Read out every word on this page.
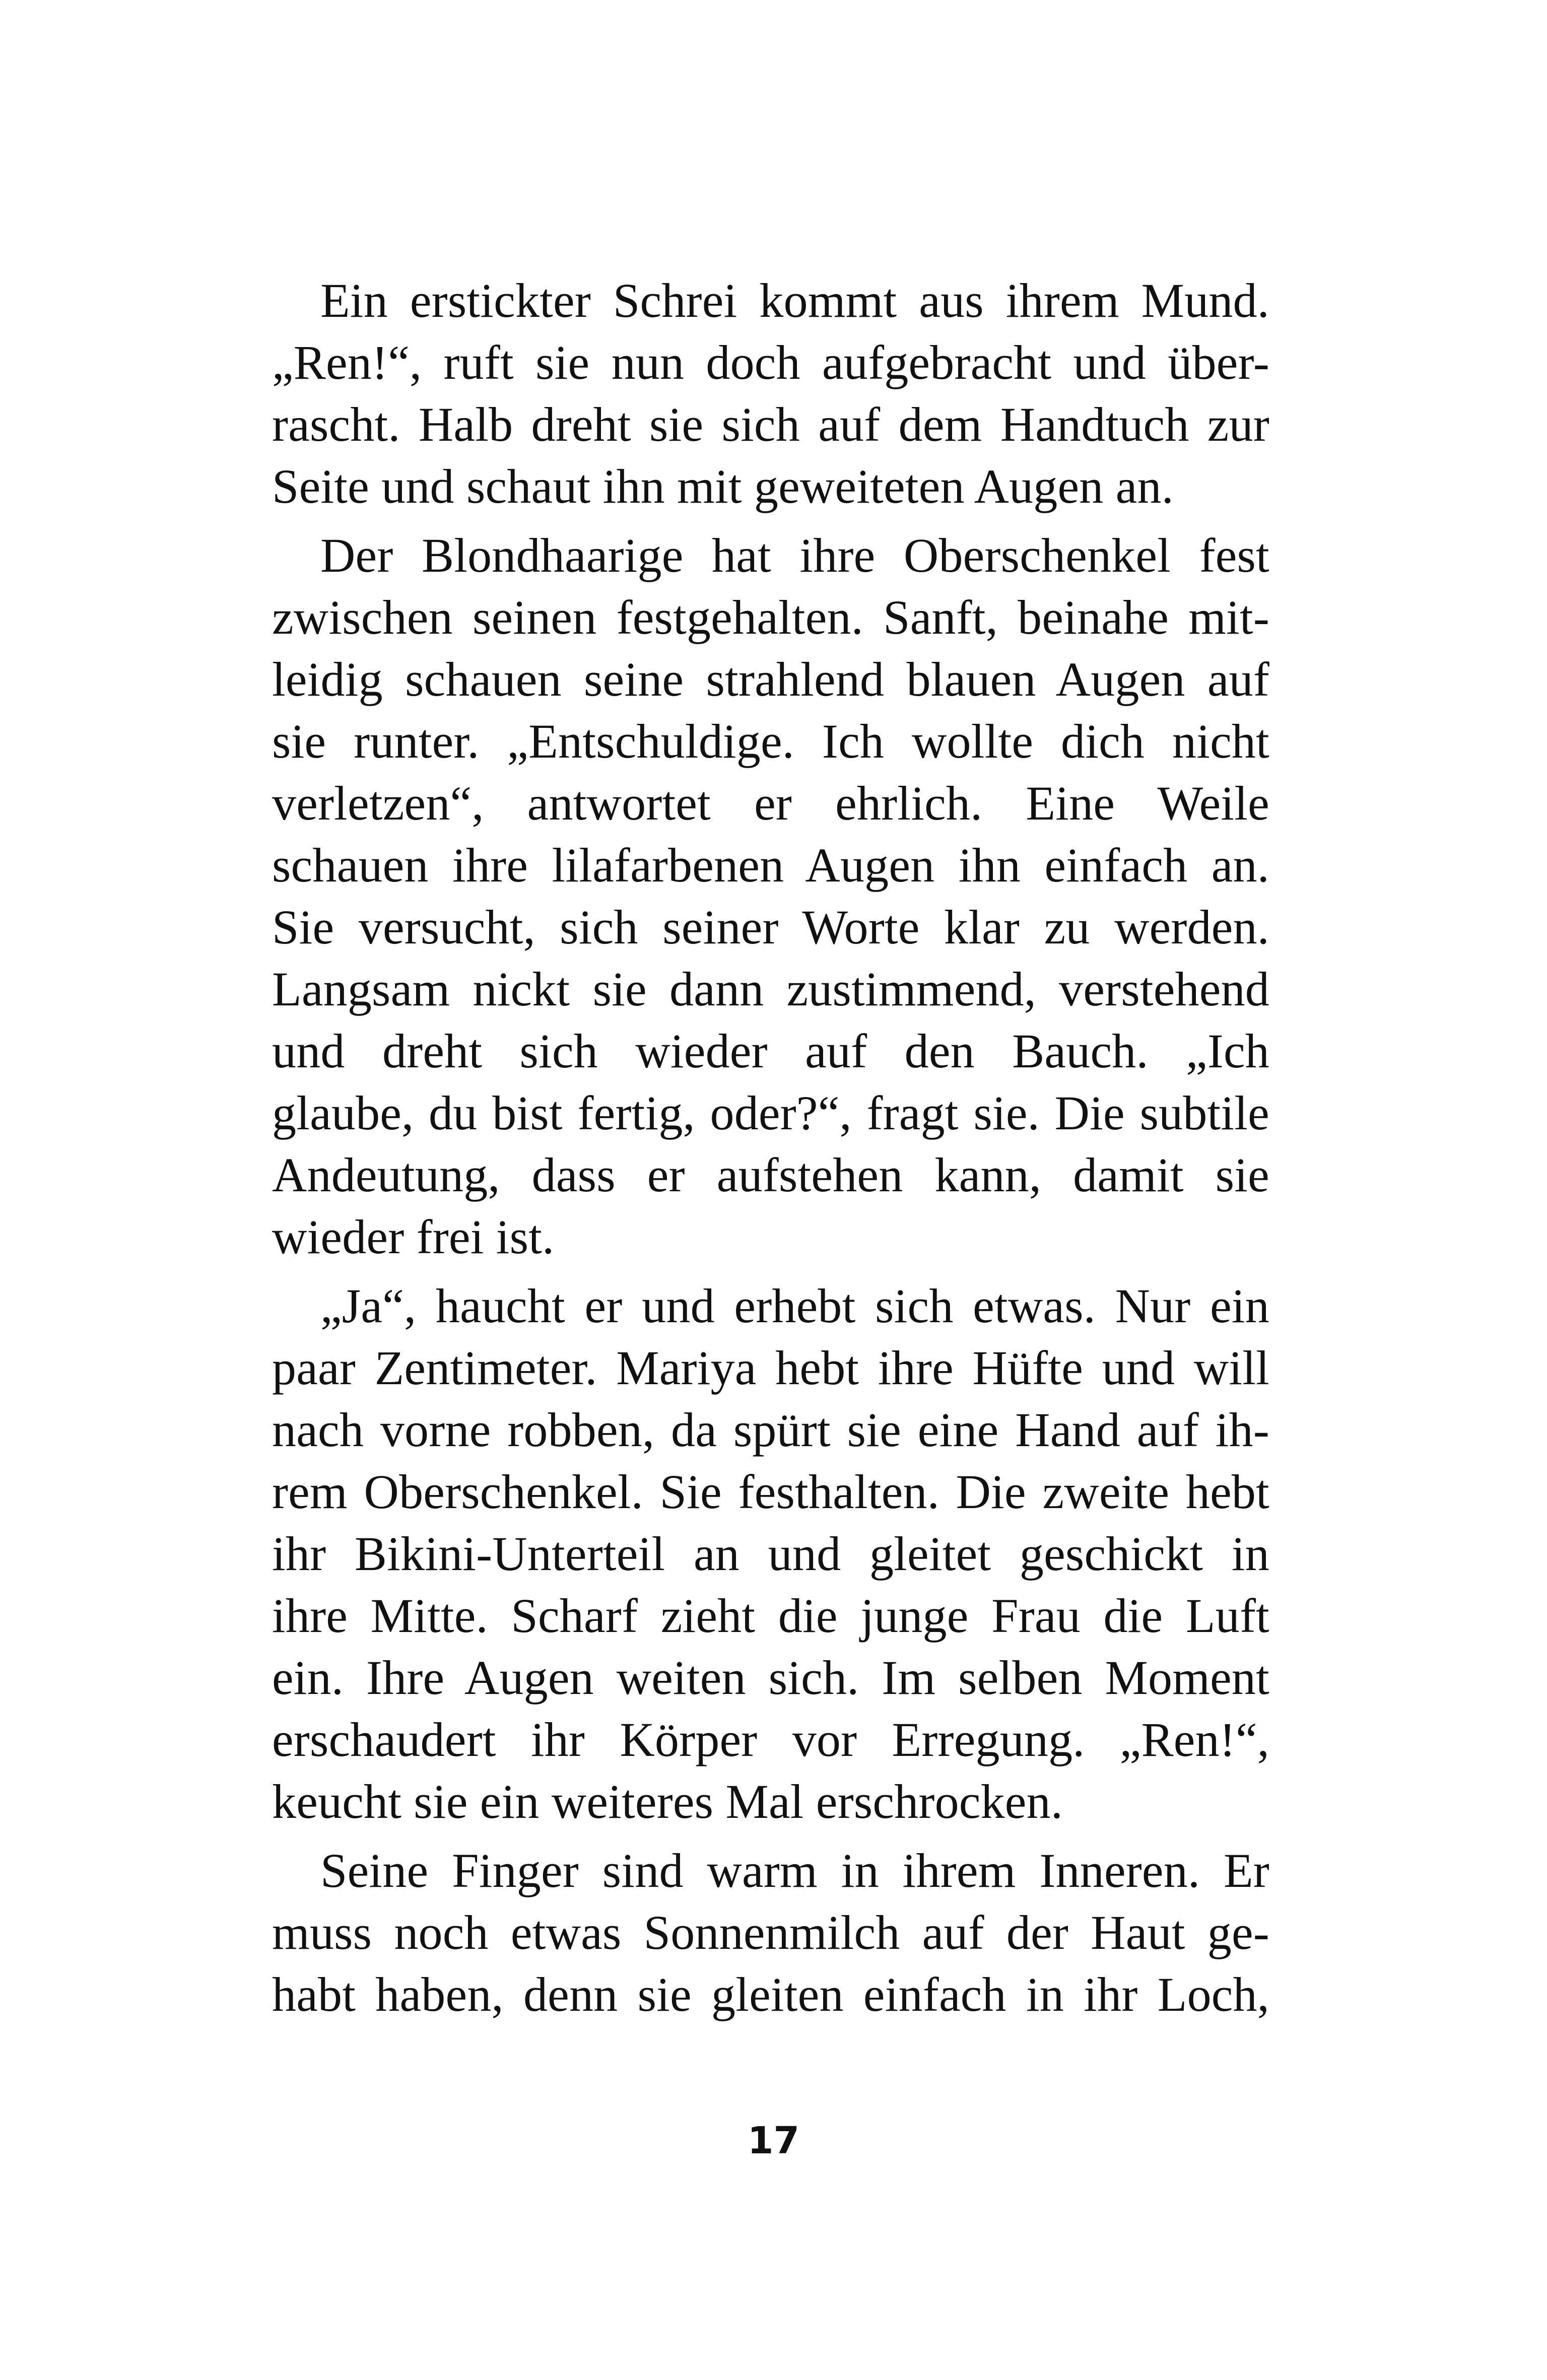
Ein erstickter Schrei kommt aus ihrem Mund.
„Ren!“, ruft sie nun doch aufgebracht und über-
rascht. Halb dreht sie sich auf dem Handtuch zur
Seite und schaut ihn mit geweiteten Augen an.
Der Blondhaarige hat ihre Oberschenkel fest
zwischen seinen festgehalten. Sanft, beinahe mit-
leidig schauen seine strahlend blauen Augen auf
sie runter. „Entschuldige. Ich wollte dich nicht
verletzen“, antwortet er ehrlich. Eine Weile
schauen ihre lilafarbenen Augen ihn einfach an.
Sie versucht, sich seiner Worte klar zu werden.
Langsam nickt sie dann zustimmend, verstehend
und dreht sich wieder auf den Bauch. „Ich
glaube, du bist fertig, oder?“, fragt sie. Die subtile
Andeutung, dass er aufstehen kann, damit sie
wieder frei ist.
„Ja“, haucht er und erhebt sich etwas. Nur ein
paar Zentimeter. Mariya hebt ihre Hüfte und will
nach vorne robben, da spürt sie eine Hand auf ih-
rem Oberschenkel. Sie festhalten. Die zweite hebt
ihr Bikini-Unterteil an und gleitet geschickt in
ihre Mitte. Scharf zieht die junge Frau die Luft
ein. Ihre Augen weiten sich. Im selben Moment
erschaudert ihr Körper vor Erregung. „Ren!“,
keucht sie ein weiteres Mal erschrocken.
Seine Finger sind warm in ihrem Inneren. Er
muss noch etwas Sonnenmilch auf der Haut ge-
habt haben, denn sie gleiten einfach in ihr Loch,
17
